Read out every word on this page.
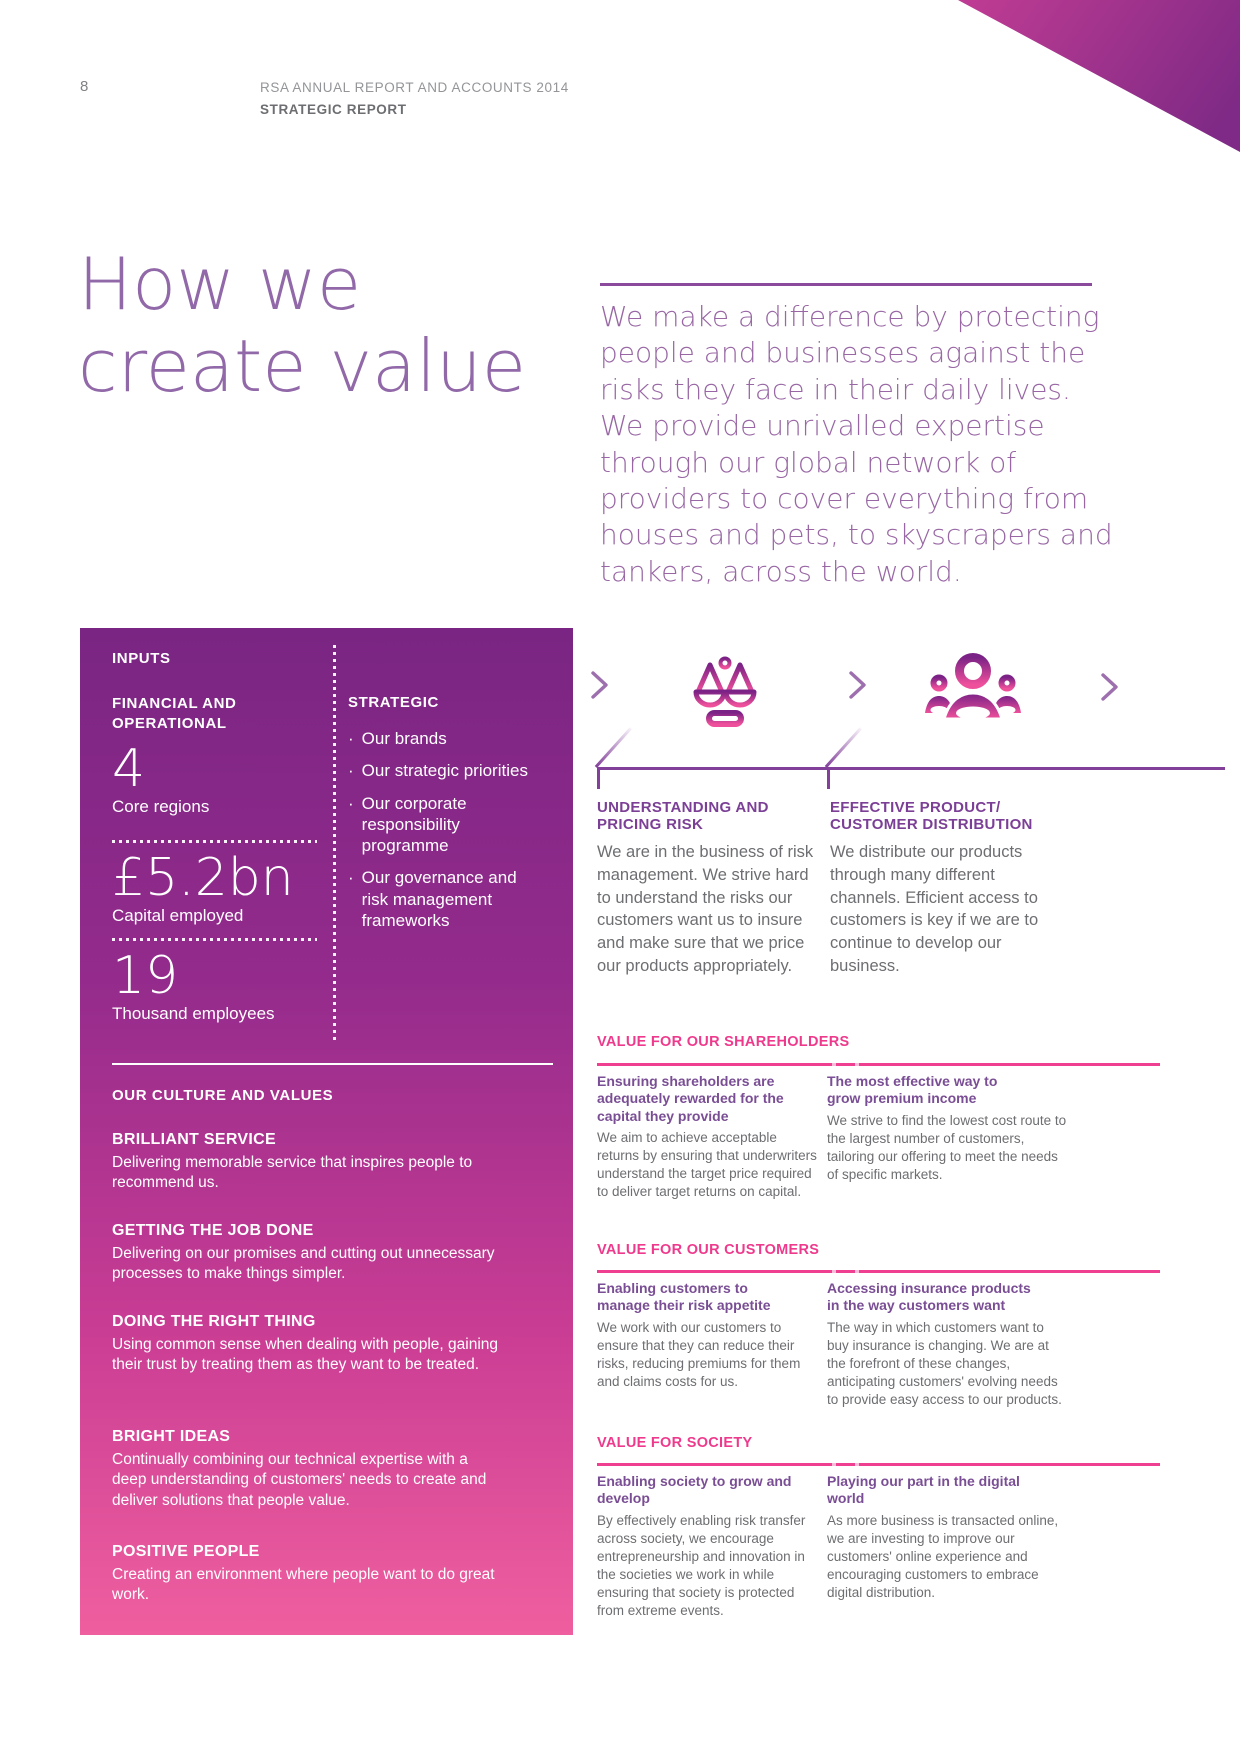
8	RSA ANNUAL REPORT AND ACCOUNTS 2014
STRATEGIC REPORT
How we
create value
We make a difference by protecting people and businesses against the risks they face in their daily lives. We provide unrivalled expertise through our global network of providers to cover everything from houses and pets, to skyscrapers and tankers, across the world.
INPUTS
FINANCIAL AND OPERATIONAL
4
Core regions
£5.2bn
Capital employed
19
Thousand employees
STRATEGIC
· Our brands
· Our strategic priorities
· Our corporate responsibility programme
· Our governance and risk management frameworks
OUR CULTURE AND VALUES
BRILLIANT SERVICE
Delivering memorable service that inspires people to recommend us.
GETTING THE JOB DONE
Delivering on our promises and cutting out unnecessary processes to make things simpler.
DOING THE RIGHT THING
Using common sense when dealing with people, gaining their trust by treating them as they want to be treated.
BRIGHT IDEAS
Continually combining our technical expertise with a deep understanding of customers' needs to create and deliver solutions that people value.
POSITIVE PEOPLE
Creating an environment where people want to do great work.
UNDERSTANDING AND PRICING RISK
We are in the business of risk management. We strive hard to understand the risks our customers want us to insure and make sure that we price our products appropriately.
EFFECTIVE PRODUCT/ CUSTOMER DISTRIBUTION
We distribute our products through many different channels. Efficient access to customers is key if we are to continue to develop our business.
VALUE FOR OUR SHAREHOLDERS
Ensuring shareholders are adequately rewarded for the capital they provide
We aim to achieve acceptable returns by ensuring that underwriters understand the target price required to deliver target returns on capital.
The most effective way to grow premium income
We strive to find the lowest cost route to the largest number of customers, tailoring our offering to meet the needs of specific markets.
VALUE FOR OUR CUSTOMERS
Enabling customers to manage their risk appetite
We work with our customers to ensure that they can reduce their risks, reducing premiums for them and claims costs for us.
Accessing insurance products in the way customers want
The way in which customers want to buy insurance is changing. We are at the forefront of these changes, anticipating customers' evolving needs to provide easy access to our products.
VALUE FOR SOCIETY
Enabling society to grow and develop
By effectively enabling risk transfer across society, we encourage entrepreneurship and innovation in the societies we work in while ensuring that society is protected from extreme events.
Playing our part in the digital world
As more business is transacted online, we are investing to improve our customers' online experience and encouraging customers to embrace digital distribution.
